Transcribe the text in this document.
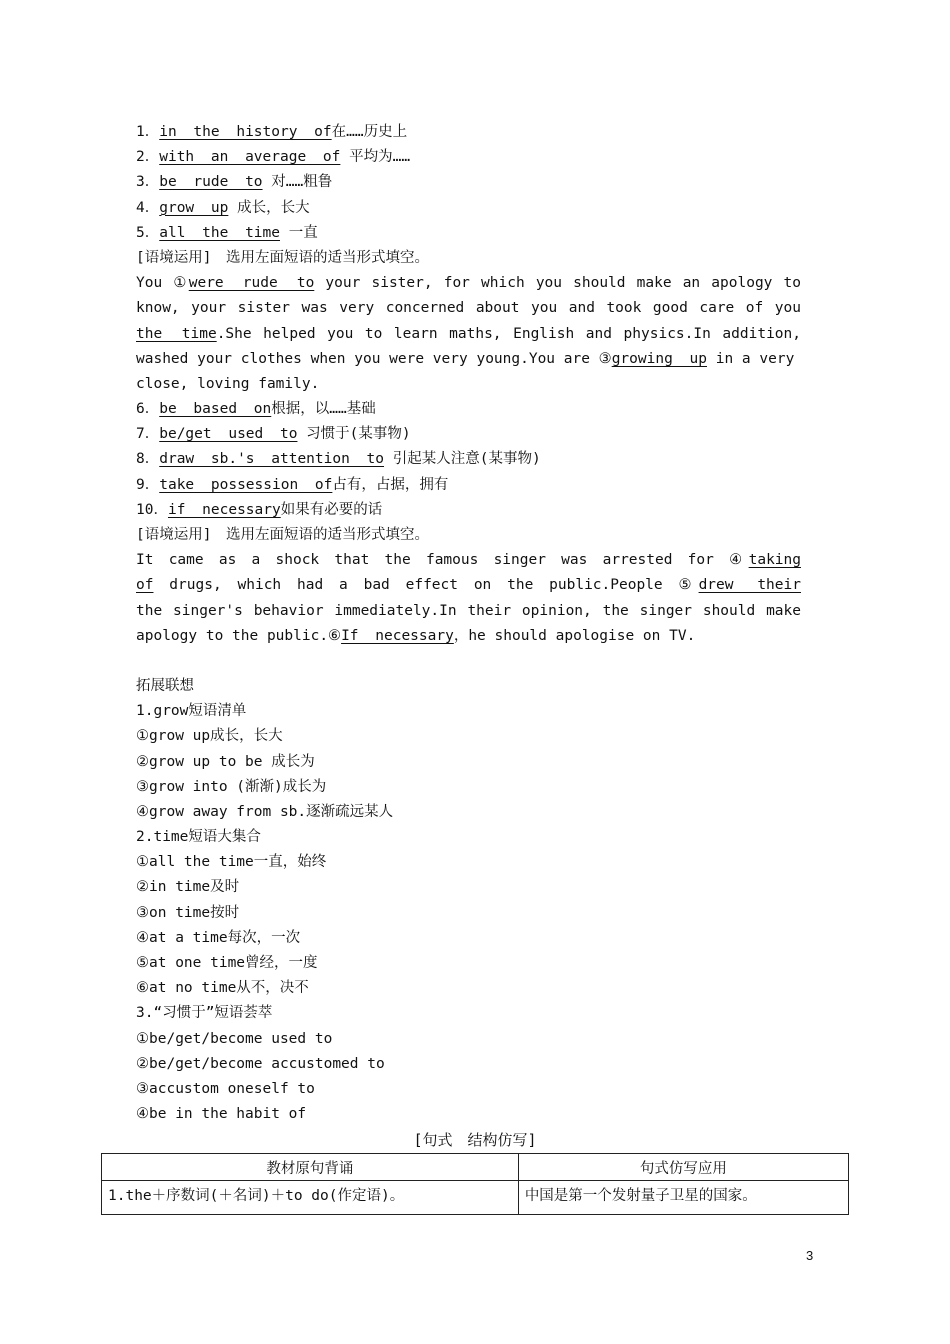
1．in the history of在……历史上
2．with an average of 平均为……
3．be rude to 对……粗鲁
4．grow up 成长，长大
5．all the time 一直
[语境运用]　选用左面短语的适当形式填空。
You ①were rude to your sister, for which you should make an apology to
know, your sister was very concerned about you and took good care of you
the time.She helped you to learn maths, English and physics.In addition,
washed your clothes when you were very young.You are ③growing up in a very
close, loving family.
6．be based on根据，以……基础
7．be/get used to 习惯于(某事物)
8．draw sb.'s attention to 引起某人注意(某事物)
9．take possession of占有，占据，拥有
10．if necessary如果有必要的话
[语境运用]　选用左面短语的适当形式填空。
It came as a shock that the famous singer was arrested for ④taking
of drugs, which had a bad effect on the public.People ⑤drew their
the singer's behavior immediately.In their opinion, the singer should make
apology to the public.⑥If necessary，he should apologise on TV.
拓展联想
1.grow短语清单
①grow up成长，长大
②grow up to be 成长为
③grow into (渐渐)成长为
④grow away from sb.逐渐疏远某人
2.time短语大集合
①all the time一直，始终
②in time及时
③on time按时
④at a time每次，一次
⑤at one time曾经，一度
⑥at no time从不，决不
3.“习惯于”短语荟萃
①be/get/become used to
②be/get/become accustomed to
③accustom oneself to
④be in the habit of
[句式　结构仿写]
教材原句背诵	句式仿写应用
1.the＋序数词(＋名词)＋to do(作定语)。	中国是第一个发射量子卫星的国家。
3
